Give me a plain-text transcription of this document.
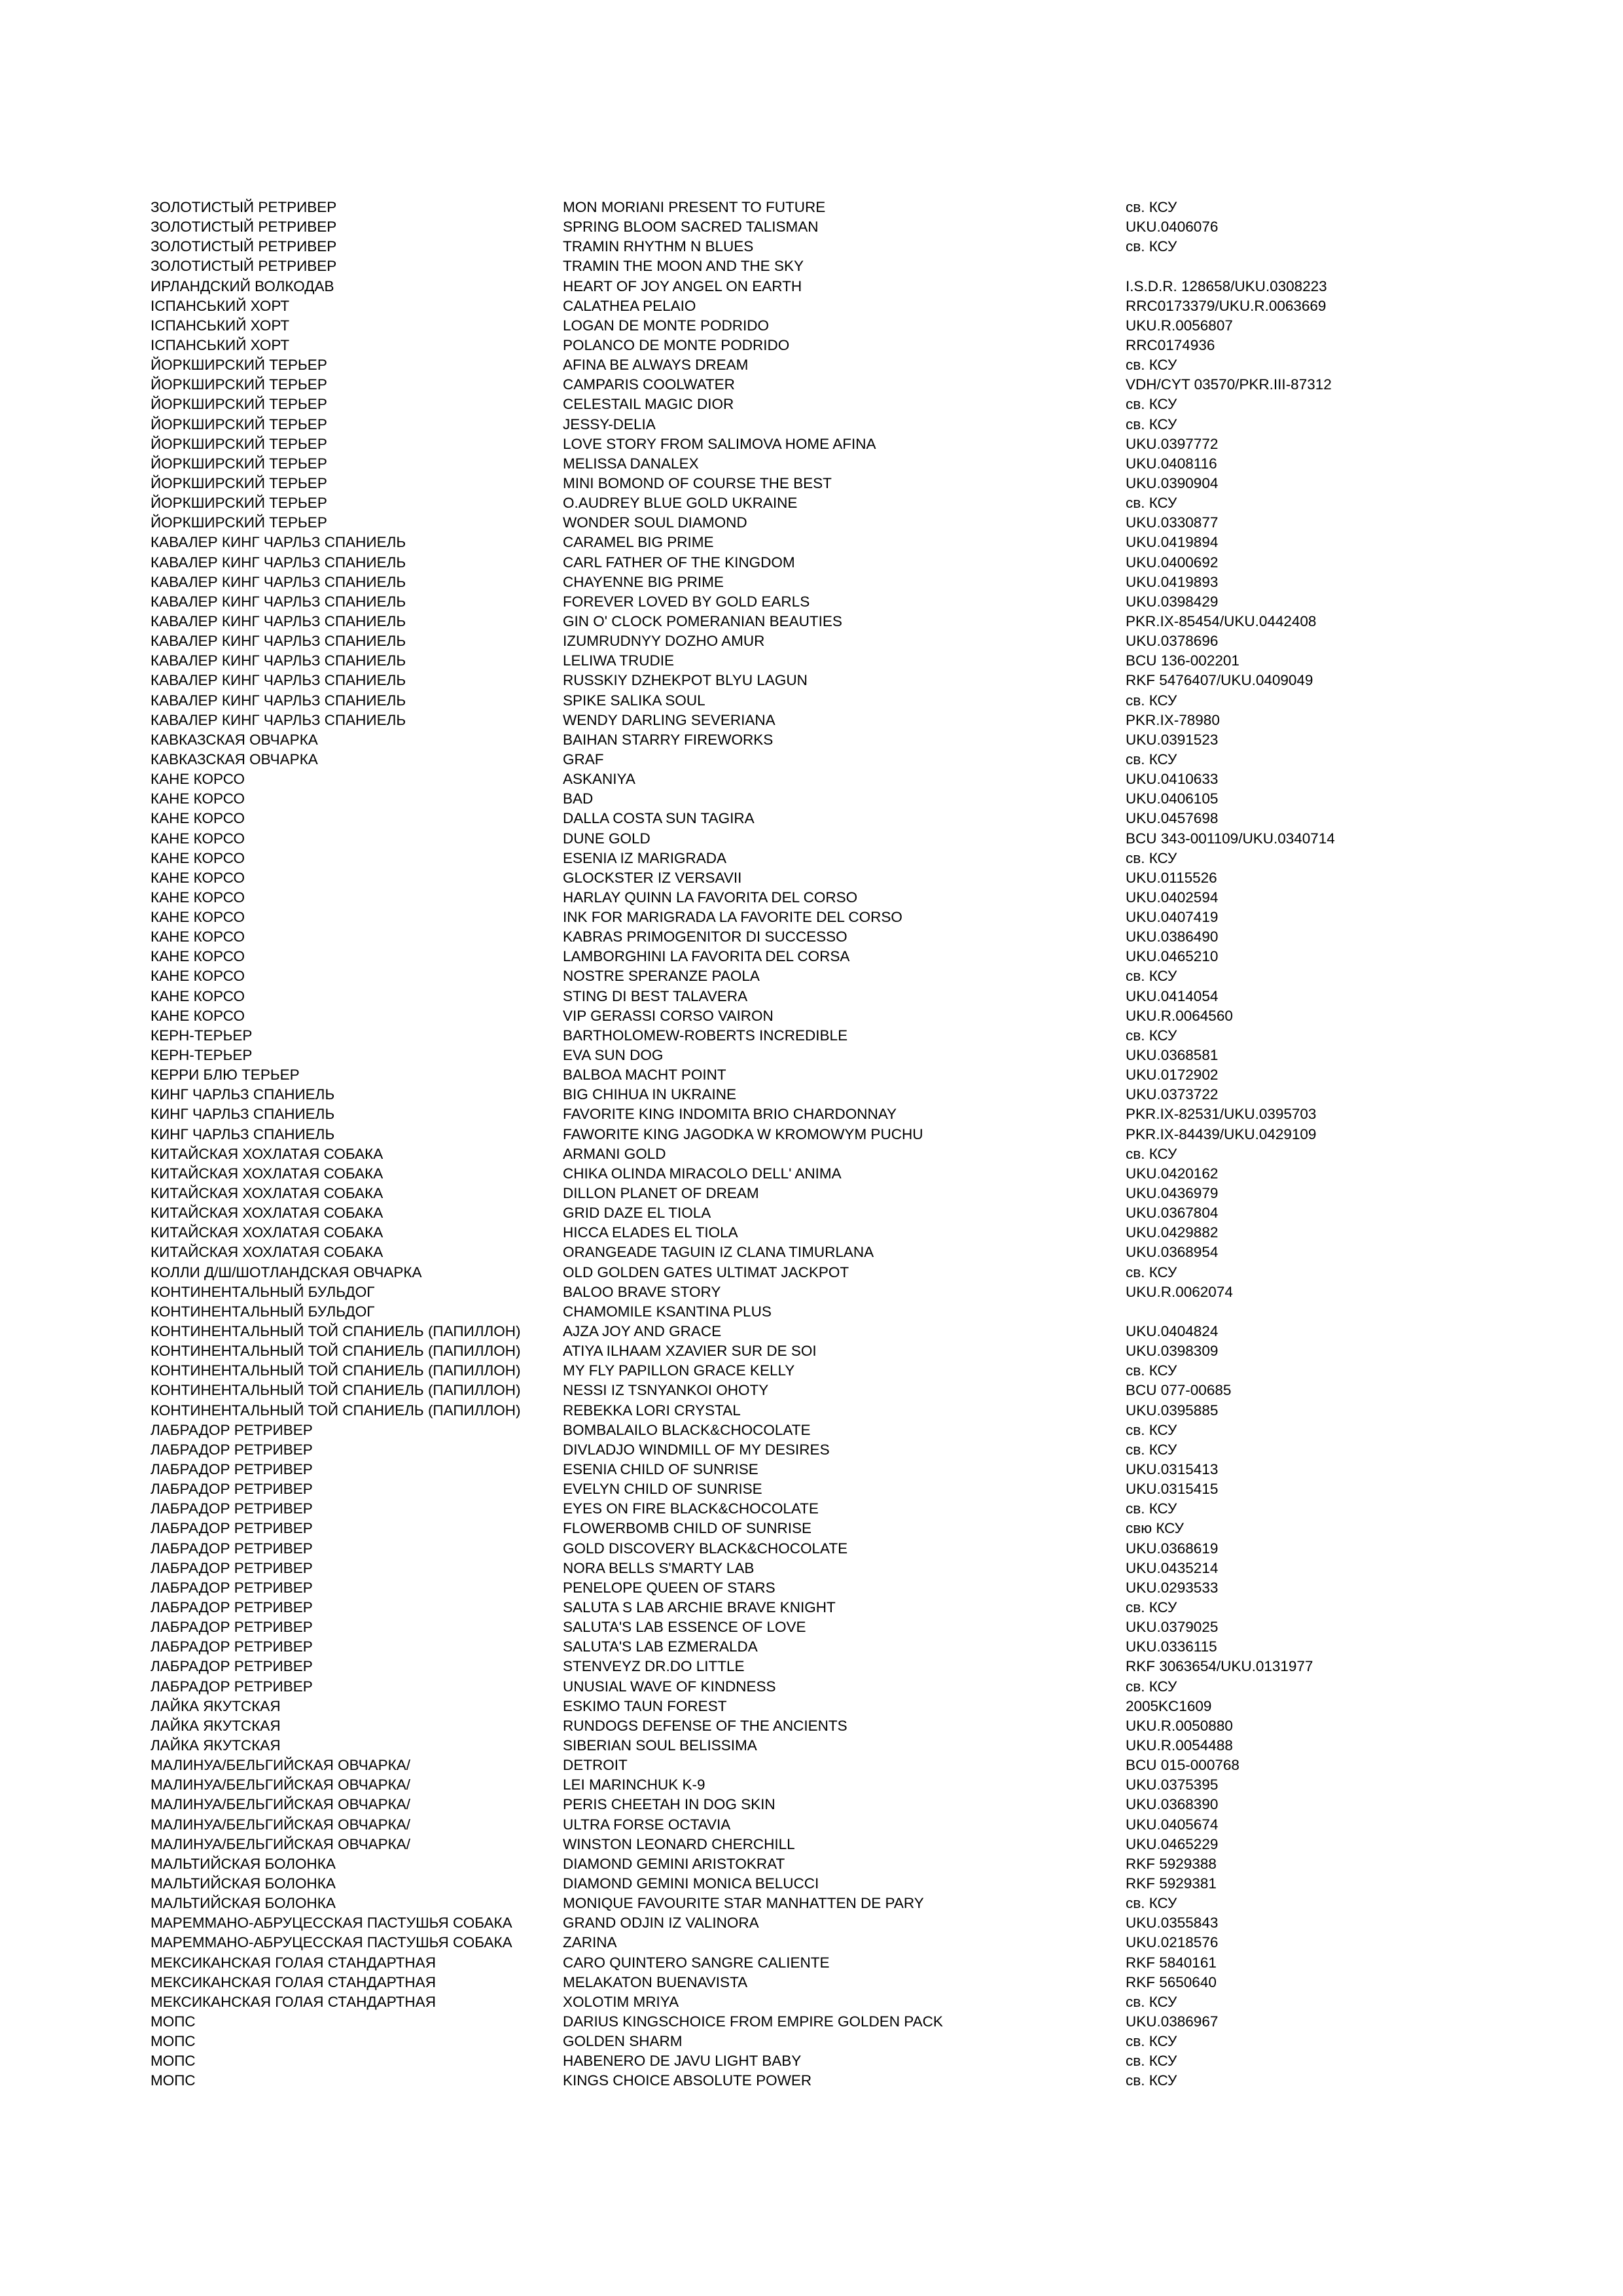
ЗОЛОТИСТЫЙ РЕТРИВЕР	MON MORIANI PRESENT TO FUTURE	св. КСУ
ЗОЛОТИСТЫЙ РЕТРИВЕР	SPRING BLOOM SACRED TALISMAN	UKU.0406076
ЗОЛОТИСТЫЙ РЕТРИВЕР	TRAMIN RHYTHM N BLUES	св. КСУ
ЗОЛОТИСТЫЙ РЕТРИВЕР	TRAMIN THE MOON AND THE SKY
ИРЛАНДСКИЙ ВОЛКОДАВ	HEART OF JOY ANGEL ON EARTH	I.S.D.R. 128658/UKU.0308223
ІСПАНСЬКИЙ ХОРТ	CALATHEA PELAIO	RRC0173379/UKU.R.0063669
ІСПАНСЬКИЙ ХОРТ	LOGAN DE MONTE PODRIDO	UKU.R.0056807
ІСПАНСЬКИЙ ХОРТ	POLANCO DE MONTE PODRIDO	RRC0174936
ЙОРКШИРСКИЙ ТЕРЬЕР	AFINA BE ALWAYS DREAM	св. КСУ
ЙОРКШИРСКИЙ ТЕРЬЕР	CAMPARIS COOLWATER	VDH/CYT 03570/PKR.III-87312
ЙОРКШИРСКИЙ ТЕРЬЕР	CELESTAIL MAGIC DIOR	св. КСУ
ЙОРКШИРСКИЙ ТЕРЬЕР	JESSY-DELIA	св. КСУ
ЙОРКШИРСКИЙ ТЕРЬЕР	LOVE STORY FROM SALIMOVA HOME AFINA	UKU.0397772
ЙОРКШИРСКИЙ ТЕРЬЕР	MELISSA DANALEX	UKU.0408116
ЙОРКШИРСКИЙ ТЕРЬЕР	MINI BOMOND OF COURSE THE BEST	UKU.0390904
ЙОРКШИРСКИЙ ТЕРЬЕР	O.AUDREY BLUE GOLD UKRAINE	св. КСУ
ЙОРКШИРСКИЙ ТЕРЬЕР	WONDER SOUL DIAMOND	UKU.0330877
КАВАЛЕР КИНГ ЧАРЛЬЗ СПАНИЕЛЬ	CARAMEL BIG PRIME	UKU.0419894
КАВАЛЕР КИНГ ЧАРЛЬЗ СПАНИЕЛЬ	CARL FATHER OF THE KINGDOM	UKU.0400692
КАВАЛЕР КИНГ ЧАРЛЬЗ СПАНИЕЛЬ	CHAYENNE BIG PRIME	UKU.0419893
КАВАЛЕР КИНГ ЧАРЛЬЗ СПАНИЕЛЬ	FOREVER LOVED BY GOLD EARLS	UKU.0398429
КАВАЛЕР КИНГ ЧАРЛЬЗ СПАНИЕЛЬ	GIN O' CLOCK POMERANIAN BEAUTIES	PKR.IX-85454/UKU.0442408
КАВАЛЕР КИНГ ЧАРЛЬЗ СПАНИЕЛЬ	IZUMRUDNYY DOZHO AMUR	UKU.0378696
КАВАЛЕР КИНГ ЧАРЛЬЗ СПАНИЕЛЬ	LELIWA TRUDIE	BCU 136-002201
КАВАЛЕР КИНГ ЧАРЛЬЗ СПАНИЕЛЬ	RUSSKIY DZHEKPOT BLYU LAGUN	RKF 5476407/UKU.0409049
КАВАЛЕР КИНГ ЧАРЛЬЗ СПАНИЕЛЬ	SPIKE SALIKA SOUL	св. КСУ
КАВАЛЕР КИНГ ЧАРЛЬЗ СПАНИЕЛЬ	WENDY DARLING SEVERIANA	PKR.IX-78980
КАВКАЗСКАЯ ОВЧАРКА	BAIHAN STARRY FIREWORKS	UKU.0391523
КАВКАЗСКАЯ ОВЧАРКА	GRAF	св. КСУ
КАНЕ КОРСО	ASKANIYA	UKU.0410633
КАНЕ КОРСО	BAD	UKU.0406105
КАНЕ КОРСО	DALLA COSTA SUN TAGIRA	UKU.0457698
КАНЕ КОРСО	DUNE GOLD	BCU 343-001109/UKU.0340714
КАНЕ КОРСО	ESENIA IZ MARIGRADA	св. КСУ
КАНЕ КОРСО	GLOCKSTER IZ VERSAVII	UKU.0115526
КАНЕ КОРСО	HARLAY QUINN LA FAVORITA DEL CORSO	UKU.0402594
КАНЕ КОРСО	INK FOR MARIGRADA LA FAVORITE DEL CORSO	UKU.0407419
КАНЕ КОРСО	KABRAS PRIMOGENITOR DI SUCCESSO	UKU.0386490
КАНЕ КОРСО	LAMBORGHINI LA FAVORITA DEL CORSA	UKU.0465210
КАНЕ КОРСО	NOSTRE SPERANZE PAOLA	св. КСУ
КАНЕ КОРСО	STING DI BEST TALAVERA	UKU.0414054
КАНЕ КОРСО	VIP GERASSI CORSO VAIRON	UKU.R.0064560
КЕРН-ТЕРЬЕР	BARTHOLOMEW-ROBERTS INCREDIBLE	св. КСУ
КЕРН-ТЕРЬЕР	EVA SUN DOG	UKU.0368581
КЕРРИ БЛЮ ТЕРЬЕР	BALBOA MACHT POINT	UKU.0172902
КИНГ ЧАРЛЬЗ СПАНИЕЛЬ	BIG CHIHUA IN UKRAINE	UKU.0373722
КИНГ ЧАРЛЬЗ СПАНИЕЛЬ	FAVORITE KING INDOMITA BRIO CHARDONNAY	PKR.IX-82531/UKU.0395703
КИНГ ЧАРЛЬЗ СПАНИЕЛЬ	FAWORITE KING JAGODKA W KROMOWYM PUCHU	PKR.IX-84439/UKU.0429109
КИТАЙСКАЯ ХОХЛАТАЯ СОБАКА	ARMANI GOLD	св. КСУ
КИТАЙСКАЯ ХОХЛАТАЯ СОБАКА	CHIKA OLINDA MIRACOLO DELL' ANIMA	UKU.0420162
КИТАЙСКАЯ ХОХЛАТАЯ СОБАКА	DILLON PLANET OF DREAM	UKU.0436979
КИТАЙСКАЯ ХОХЛАТАЯ СОБАКА	GRID DAZE EL TIOLA	UKU.0367804
КИТАЙСКАЯ ХОХЛАТАЯ СОБАКА	HICCA ELADES EL TIOLA	UKU.0429882
КИТАЙСКАЯ ХОХЛАТАЯ СОБАКА	ORANGEADE TAGUIN IZ CLANA TIMURLANA	UKU.0368954
КОЛЛИ Д/Ш/ШОТЛАНДСКАЯ ОВЧАРКА	OLD GOLDEN GATES ULTIMAT JACKPOT	св. КСУ
КОНТИНЕНТАЛЬНЫЙ БУЛЬДОГ	BALOO BRAVE STORY	UKU.R.0062074
КОНТИНЕНТАЛЬНЫЙ БУЛЬДОГ	CHAMOMILE KSANTINA PLUS
КОНТИНЕНТАЛЬНЫЙ ТОЙ СПАНИЕЛЬ (ПАПИЛЛОН)	AJZA JOY AND GRACE	UKU.0404824
КОНТИНЕНТАЛЬНЫЙ ТОЙ СПАНИЕЛЬ (ПАПИЛЛОН)	ATIYA ILHAAM XZAVIER SUR DE SOI	UKU.0398309
КОНТИНЕНТАЛЬНЫЙ ТОЙ СПАНИЕЛЬ (ПАПИЛЛОН)	MY FLY PAPILLON GRACE KELLY	св. КСУ
КОНТИНЕНТАЛЬНЫЙ ТОЙ СПАНИЕЛЬ (ПАПИЛЛОН)	NESSI IZ TSNYANKOI OHOTY	BCU 077-00685
КОНТИНЕНТАЛЬНЫЙ ТОЙ СПАНИЕЛЬ (ПАПИЛЛОН)	REBEKKA LORI CRYSTAL	UKU.0395885
ЛАБРАДОР РЕТРИВЕР	BOMBALAILO BLACK&CHOCOLATE	св. КСУ
ЛАБРАДОР РЕТРИВЕР	DIVLADJO WINDMILL OF MY DESIRES	св. КСУ
ЛАБРАДОР РЕТРИВЕР	ESENIA CHILD OF SUNRISE	UKU.0315413
ЛАБРАДОР РЕТРИВЕР	EVELYN CHILD OF SUNRISE	UKU.0315415
ЛАБРАДОР РЕТРИВЕР	EYES ON FIRE BLACK&CHOCOLATE	св. КСУ
ЛАБРАДОР РЕТРИВЕР	FLOWERBOMB CHILD OF SUNRISE	свю КСУ
ЛАБРАДОР РЕТРИВЕР	GOLD DISCOVERY BLACK&CHOCOLATE	UKU.0368619
ЛАБРАДОР РЕТРИВЕР	NORA BELLS S'MARTY LAB	UKU.0435214
ЛАБРАДОР РЕТРИВЕР	PENELOPE QUEEN OF STARS	UKU.0293533
ЛАБРАДОР РЕТРИВЕР	SALUTA S LAB ARCHIE BRAVE KNIGHT	св. КСУ
ЛАБРАДОР РЕТРИВЕР	SALUTA'S LAB ESSENCE OF LOVE	UKU.0379025
ЛАБРАДОР РЕТРИВЕР	SALUTA'S LAB EZMERALDA	UKU.0336115
ЛАБРАДОР РЕТРИВЕР	STENVEYZ DR.DO LITTLE	RKF 3063654/UKU.0131977
ЛАБРАДОР РЕТРИВЕР	UNUSIAL WAVE OF KINDNESS	св. КСУ
ЛАЙКА ЯКУТСКАЯ	ESKIMO TAUN FOREST	2005KC1609
ЛАЙКА ЯКУТСКАЯ	RUNDOGS DEFENSE OF THE ANCIENTS	UKU.R.0050880
ЛАЙКА ЯКУТСКАЯ	SIBERIAN SOUL BELISSIMA	UKU.R.0054488
МАЛИНУА/БЕЛЬГИЙСКАЯ ОВЧАРКА/	DETROIT	BCU 015-000768
МАЛИНУА/БЕЛЬГИЙСКАЯ ОВЧАРКА/	LEI MARINCHUK K-9	UKU.0375395
МАЛИНУА/БЕЛЬГИЙСКАЯ ОВЧАРКА/	PERIS CHEETAH IN DOG SKIN	UKU.0368390
МАЛИНУА/БЕЛЬГИЙСКАЯ ОВЧАРКА/	ULTRA FORSE OCTAVIA	UKU.0405674
МАЛИНУА/БЕЛЬГИЙСКАЯ ОВЧАРКА/	WINSTON LEONARD CHERCHILL	UKU.0465229
МАЛЬТИЙСКАЯ БОЛОНКА	DIAMOND GEMINI ARISTOKRAT	RKF 5929388
МАЛЬТИЙСКАЯ БОЛОНКА	DIAMOND GEMINI MONICA BELUCCI	RKF 5929381
МАЛЬТИЙСКАЯ БОЛОНКА	MONIQUE FAVOURITE STAR MANHATTEN DE PARY	св. КСУ
МАРЕММАНО-АБРУЦЕССКАЯ ПАСТУШЬЯ СОБАКА	GRAND ODJIN IZ VALINORA	UKU.0355843
МАРЕММАНО-АБРУЦЕССКАЯ ПАСТУШЬЯ СОБАКА	ZARINA	UKU.0218576
МЕКСИКАНСКАЯ ГОЛАЯ СТАНДАРТНАЯ	CARO QUINTERO SANGRE CALIENTE	RKF 5840161
МЕКСИКАНСКАЯ ГОЛАЯ СТАНДАРТНАЯ	MELAKATON BUENAVISTA	RKF 5650640
МЕКСИКАНСКАЯ ГОЛАЯ СТАНДАРТНАЯ	XOLOTIM MRIYA	св. КСУ
МОПС	DARIUS KINGSCHOICE FROM EMPIRE GOLDEN PACK	UKU.0386967
МОПС	GOLDEN SHARM	св. КСУ
МОПС	HABENERO DE JAVU LIGHT BABY	св. КСУ
МОПС	KINGS CHOICE ABSOLUTE POWER	св. КСУ
